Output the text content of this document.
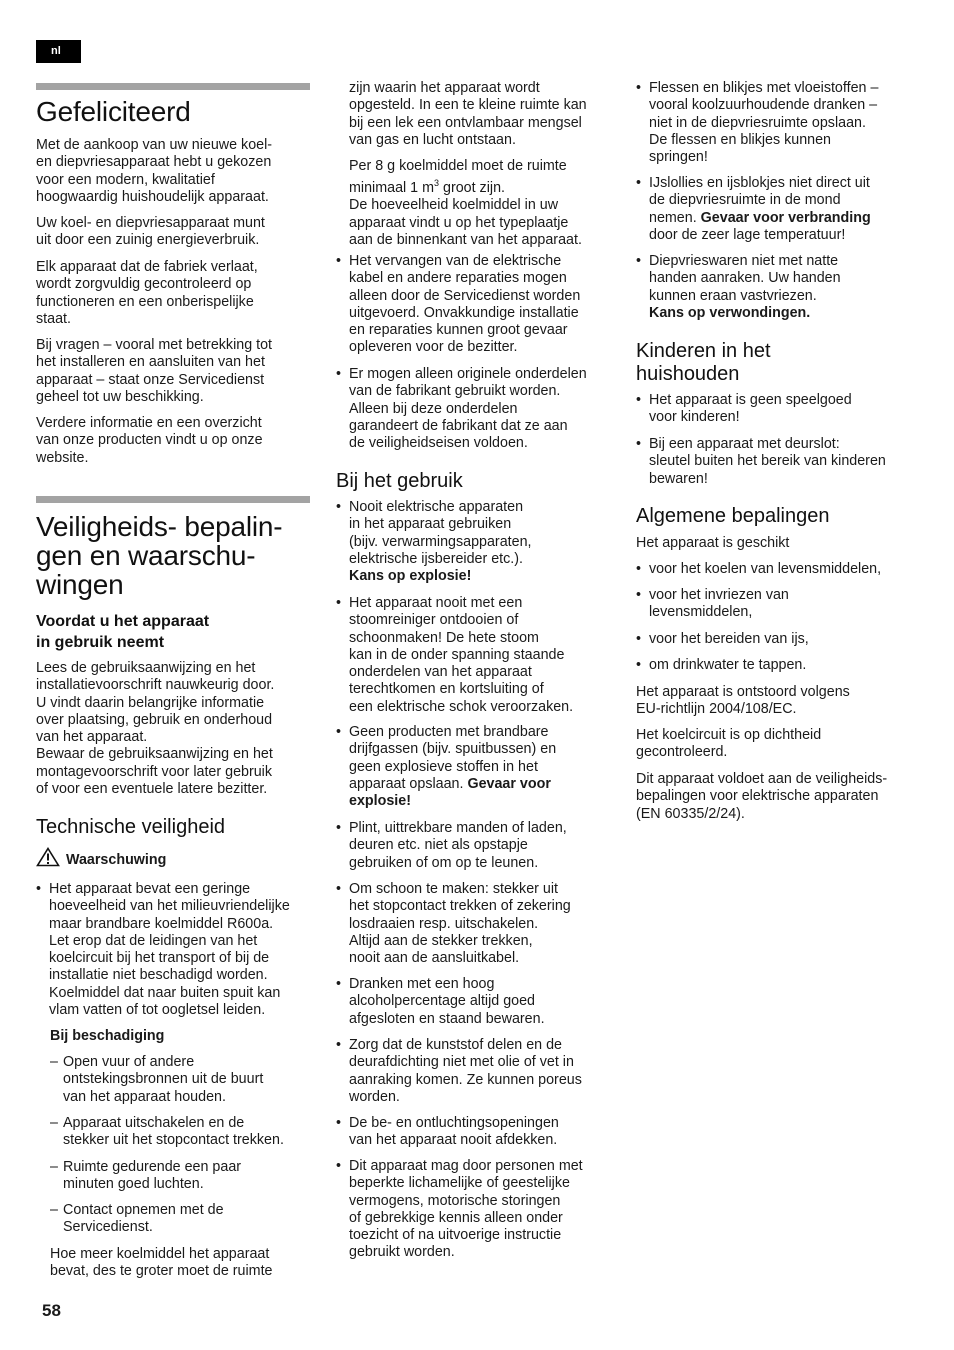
nl
Gefeliciteerd

Met de aankoop van uw nieuwe koel-
en diepvriesapparaat hebt u gekozen
voor een modern, kwalitatief
hoogwaardig huishoudelijk apparaat.

Uw koel- en diepvriesapparaat munt
uit door een zuinig energieverbruik.

Elk apparaat dat de fabriek verlaat,
wordt zorgvuldig gecontroleerd op
functioneren en een onberispelijke
staat.

Bij vragen – vooral met betrekking tot
het installeren en aansluiten van het
apparaat – staat onze Servicedienst
geheel tot uw beschikking.

Verdere informatie en een overzicht
van onze producten vindt u op onze
website.

Veiligheids- bepalin-
gen en waarschu-
wingen
Voordat u het apparaat
in gebruik neemt

Lees de gebruiksaanwijzing en het
installatievoorschrift nauwkeurig door.
U vindt daarin belangrijke informatie
over plaatsing, gebruik en onderhoud
van het apparaat.
Bewaar de gebruiksaanwijzing en het
montagevoorschrift voor later gebruik
of voor een eventuele latere bezitter.

Technische veiligheid
Waarschuwing
• Het apparaat bevat een geringe
hoeveelheid van het milieuvriendelijke
maar brandbare koelmiddel R600a.
Let erop dat de leidingen van het
koelcircuit bij het transport of bij de
installatie niet beschadigd worden.
Koelmiddel dat naar buiten spuit kan
vlam vatten of tot oogletsel leiden.
Bij beschadiging
– Open vuur of andere
ontstekingsbronnen uit de buurt
van het apparaat houden.
– Apparaat uitschakelen en de
stekker uit het stopcontact trekken.
– Ruimte gedurende een paar
minuten goed luchten.
– Contact opnemen met de
Servicedienst.

Hoe meer koelmiddel het apparaat
bevat, des te groter moet de ruimte

zijn waarin het apparaat wordt
opgesteld. In een te kleine ruimte kan
bij een lek een ontvlambaar mengsel
van gas en lucht ontstaan.

Per 8 g koelmiddel moet de ruimte
minimaal 1 $m^3$ groot zijn.
De hoeveelheid koelmiddel in uw
apparaat vindt u op het typeplaatje
aan de binnenkant van het apparaat.

• Het vervangen van de elektrische
kabel en andere reparaties mogen
alleen door de Servicedienst worden
uitgevoerd. Onvakkundige installatie
en reparaties kunnen groot gevaar
opleveren voor de bezitter.
• Er mogen alleen originele onderdelen
van de fabrikant gebruikt worden.
Alleen bij deze onderdelen
garandeert de fabrikant dat ze aan
de veiligheidseisen voldoen.
Bij het gebruik
• Nooit elektrische apparaten
in het apparaat gebruiken
(bijv. verwarmingsapparaten,
elektrische ijsbereider etc.).
Kans op explosie!
• Het apparaat nooit met een
stoomreiniger ontdooien of
schoonmaken! De hete stoom
kan in de onder spanning staande
onderdelen van het apparaat
terechtkomen en kortsluiting of
een elektrische schok veroorzaken.
• Geen producten met brandbare
drijfgassen (bijv. spuitbussen) en
geen explosieve stoffen in het
apparaat opslaan. Gevaar voor
explosie!
• Plint, uittrekbare manden of laden,
deuren etc. niet als opstapje
gebruiken of om op te leunen.
• Om schoon te maken: stekker uit
het stopcontact trekken of zekering
losdraaien resp. uitschakelen.
Altijd aan de stekker trekken,
nooit aan de aansluitkabel.
• Dranken met een hoog
alcoholpercentage altijd goed
afgesloten en staand bewaren.
• Zorg dat de kunststof delen en de
deurafdichting niet met olie of vet in
aanraking komen. Ze kunnen poreus
worden.
• De be- en ontluchtingsopeningen
van het apparaat nooit afdekken.
• Dit apparaat mag door personen met
beperkte lichamelijke of geestelijke
vermogens, motorische storingen
of gebrekkige kennis alleen onder
toezicht of na uitvoerige instructie
gebruikt worden.
• Flessen en blikjes met vloeistoffen –
vooral koolzuurhoudende dranken –
niet in de diepvriesruimte opslaan.
De flessen en blikjes kunnen
springen!
• IJslollies en ijsblokjes niet direct uit
de diepvriesruimte in de mond
nemen. Gevaar voor verbranding
door de zeer lage temperatuur!
• Diepvrieswaren niet met natte
handen aanraken. Uw handen
kunnen eraan vastvriezen.
Kans op verwondingen.
Kinderen in het
huishouden
• Het apparaat is geen speelgoed
voor kinderen!
• Bij een apparaat met deurslot:
sleutel buiten het bereik van kinderen
bewaren!
Algemene bepalingen

Het apparaat is geschikt

• voor het koelen van levensmiddelen,
• voor het invriezen van
levensmiddelen,
• voor het bereiden van ijs,
• om drinkwater te tappen.

Het apparaat is ontstoord volgens
EU-richtlijn 2004/108/EC.

Het koelcircuit is op dichtheid
gecontroleerd.

Dit apparaat voldoet aan de veiligheids-
bepalingen voor elektrische apparaten
(EN 60335/2/24).

58
